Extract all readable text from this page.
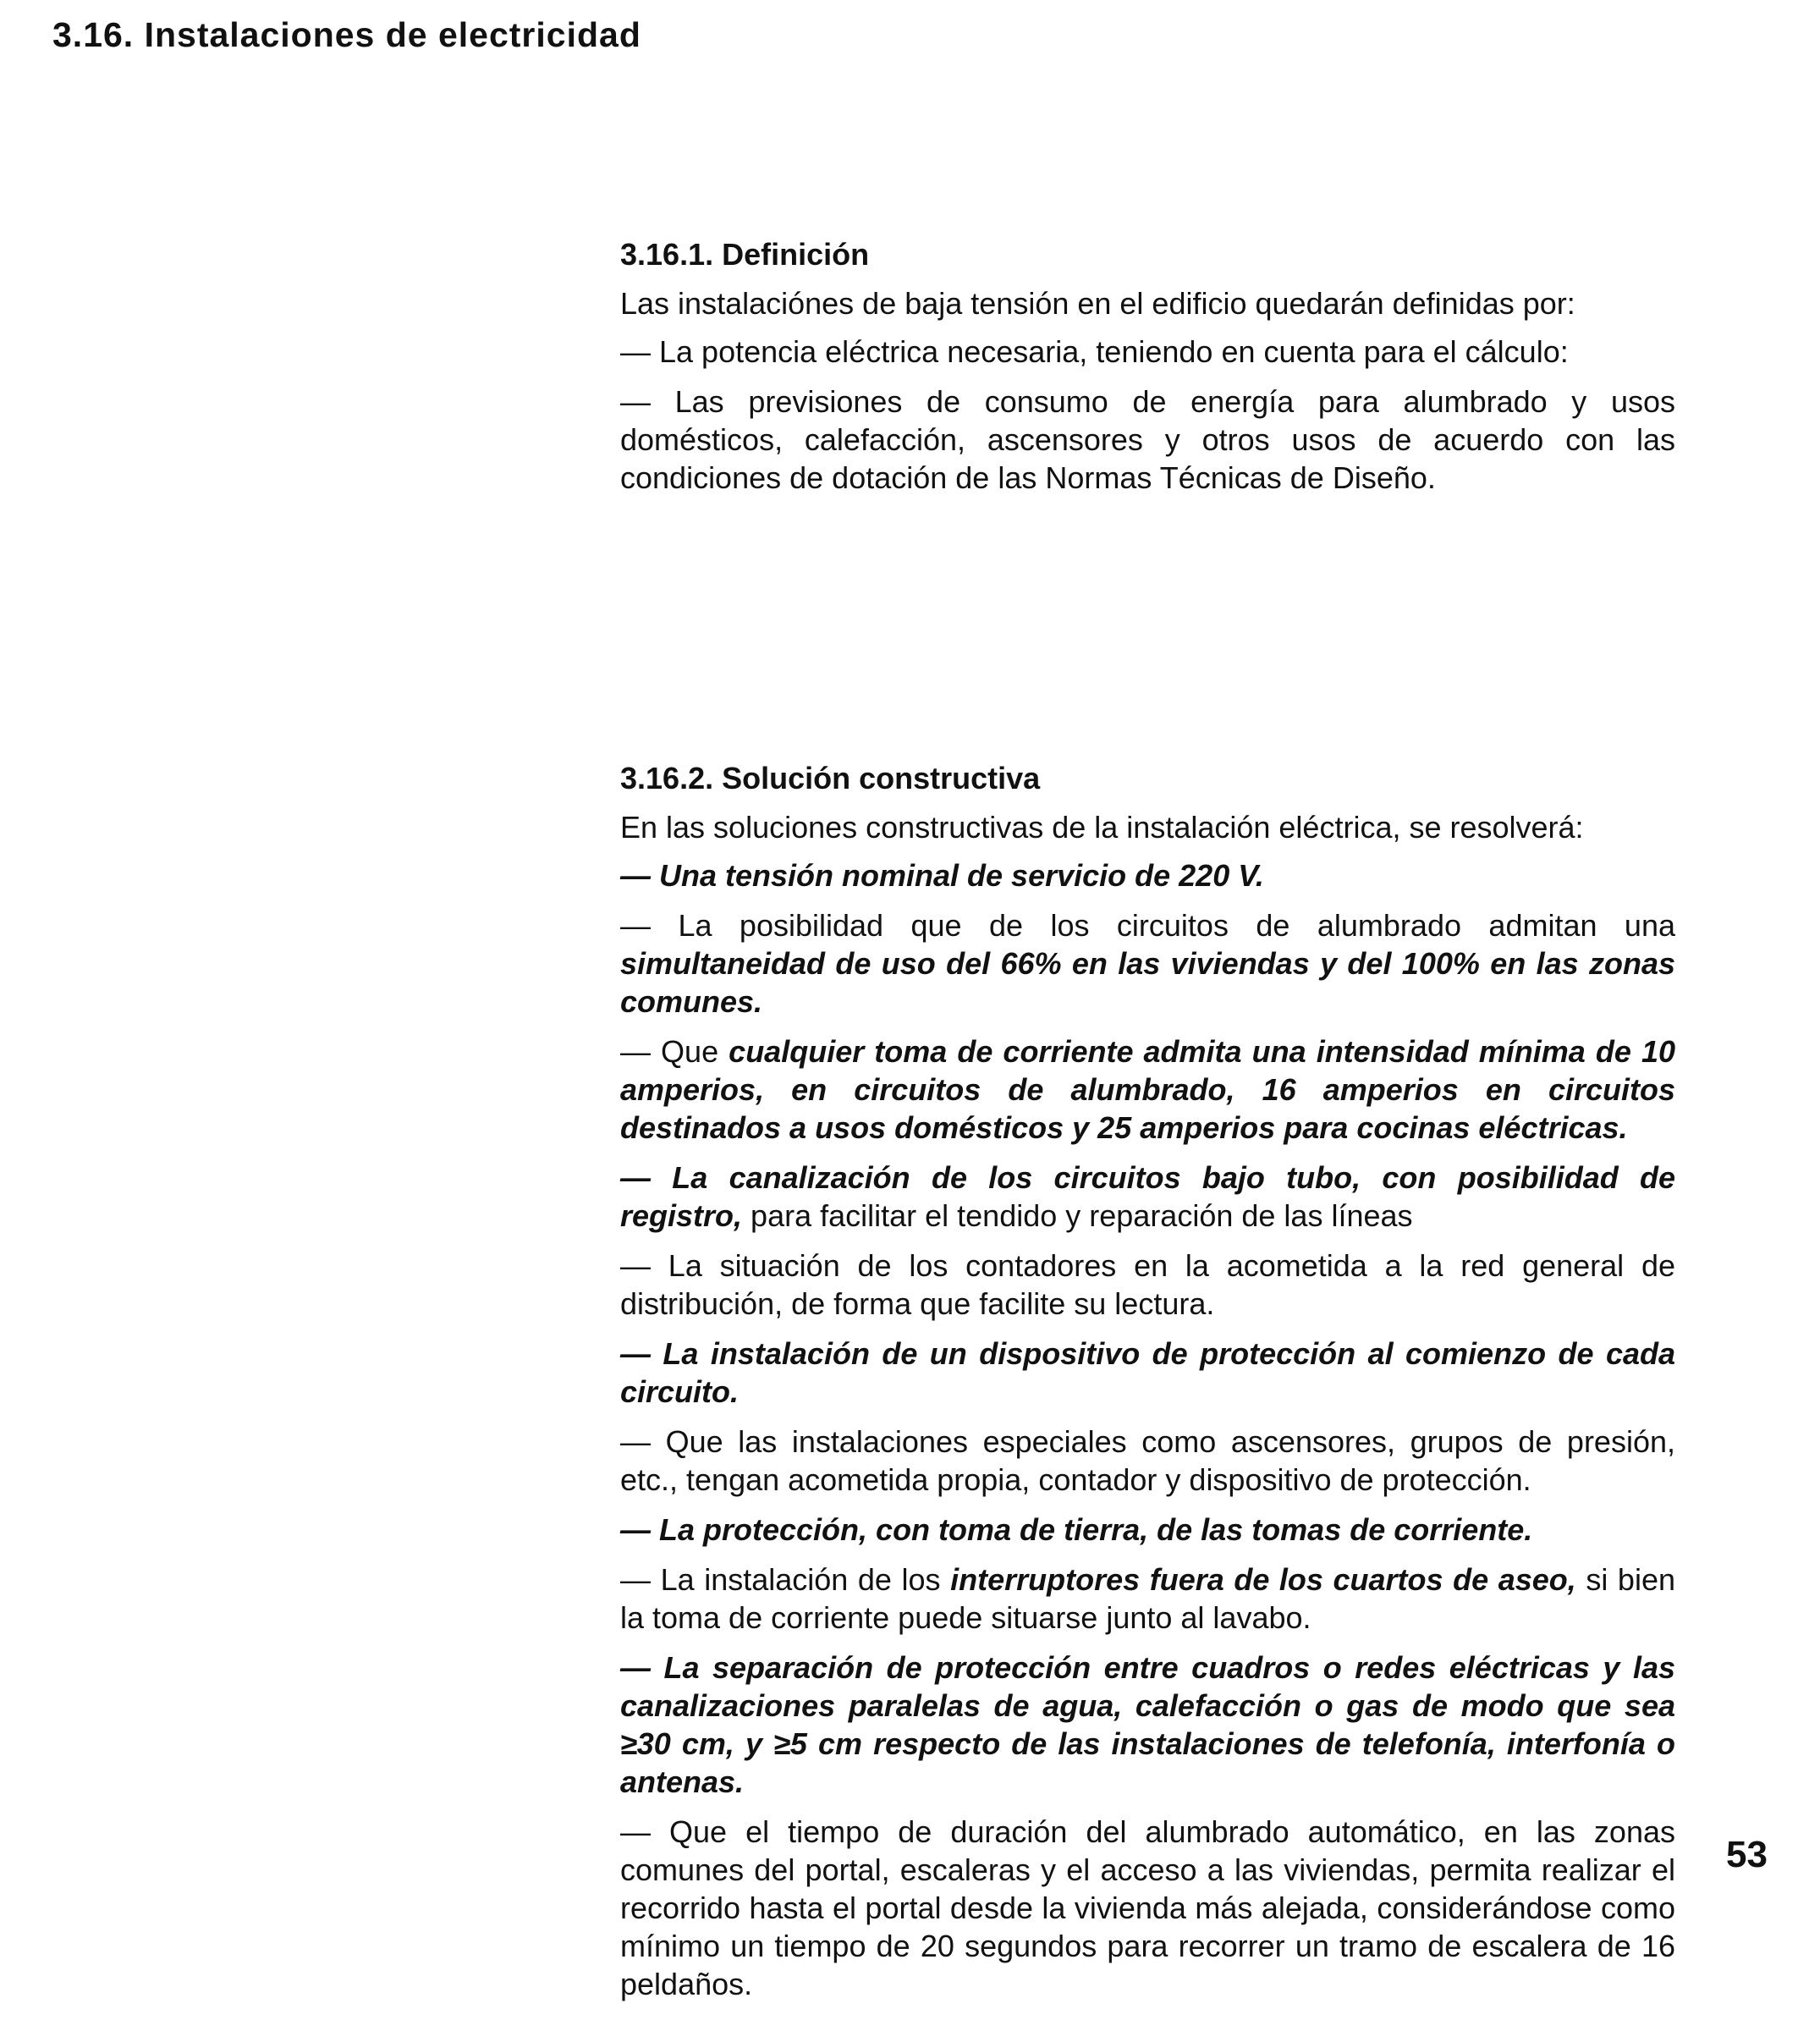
3.16. Instalaciones de electricidad
3.16.1. Definición

Las instalaciónes de baja tensión en el edificio quedarán definidas por:

— La potencia eléctrica necesaria, teniendo en cuenta para el cálculo:

— Las previsiones de consumo de energía para alumbrado y usos domésticos, calefacción, ascensores y otros usos de acuerdo con las condiciones de dotación de las Normas Técnicas de Diseño.

3.16.2. Solución constructiva

En las soluciones constructivas de la instalación eléctrica, se resolverá:

— Una tensión nominal de servicio de 220 V.

— La posibilidad que de los circuitos de alumbrado admitan una simultaneidad de uso del 66% en las viviendas y del 100% en las zonas comunes.

— Que cualquier toma de corriente admita una intensidad mínima de 10 amperios, en circuitos de alumbrado, 16 amperios en circuitos destinados a usos domésticos y 25 amperios para cocinas eléctricas.

— La canalización de los circuitos bajo tubo, con posibilidad de registro, para facilitar el tendido y reparación de las líneas

— La situación de los contadores en la acometida a la red general de distribución, de forma que facilite su lectura.

— La instalación de un dispositivo de protección al comienzo de cada circuito.

— Que las instalaciones especiales como ascensores, grupos de presión, etc., tengan acometida propia, contador y dispositivo de protección.

— La protección, con toma de tierra, de las tomas de corriente.

— La instalación de los interruptores fuera de los cuartos de aseo, si bien la toma de corriente puede situarse junto al lavabo.

— La separación de protección entre cuadros o redes eléctricas y las canalizaciones paralelas de agua, calefacción o gas de modo que sea ≥30 cm, y ≥5 cm respecto de las instalaciones de telefonía, interfonía o antenas.

— Que el tiempo de duración del alumbrado automático, en las zonas comunes del portal, escaleras y el acceso a las viviendas, permita realizar el recorrido hasta el portal desde la vivienda más alejada, considerándose como mínimo un tiempo de 20 segundos para recorrer un tramo de escalera de 16 peldaños.

53
